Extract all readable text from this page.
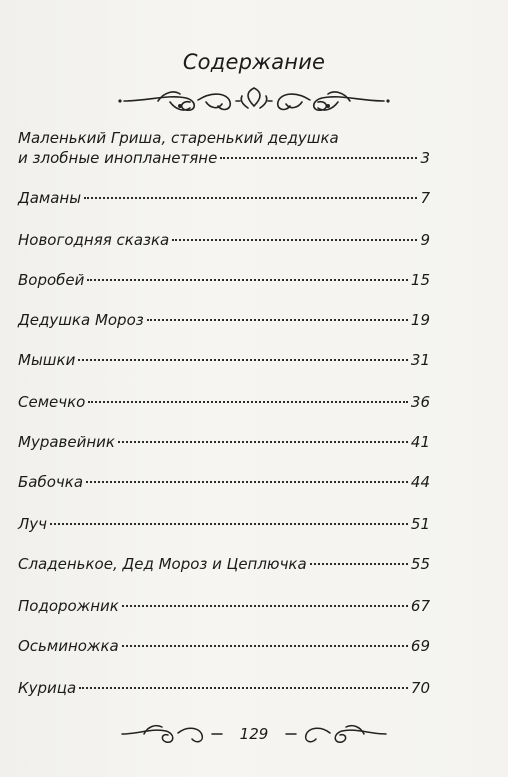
Содержание
Маленький Гриша, старенький дедушка
и злобные инопланетяне	3
Даманы	7
Новогодняя сказка	9
Воробей	15
Дедушка Мороз	19
Мышки	31
Семечко	36
Муравейник	41
Бабочка	44
Луч	51
Сладенькое, Дед Мороз и Цеплючка	55
Подорожник	67
Осьминожка	69
Курица	70
129
